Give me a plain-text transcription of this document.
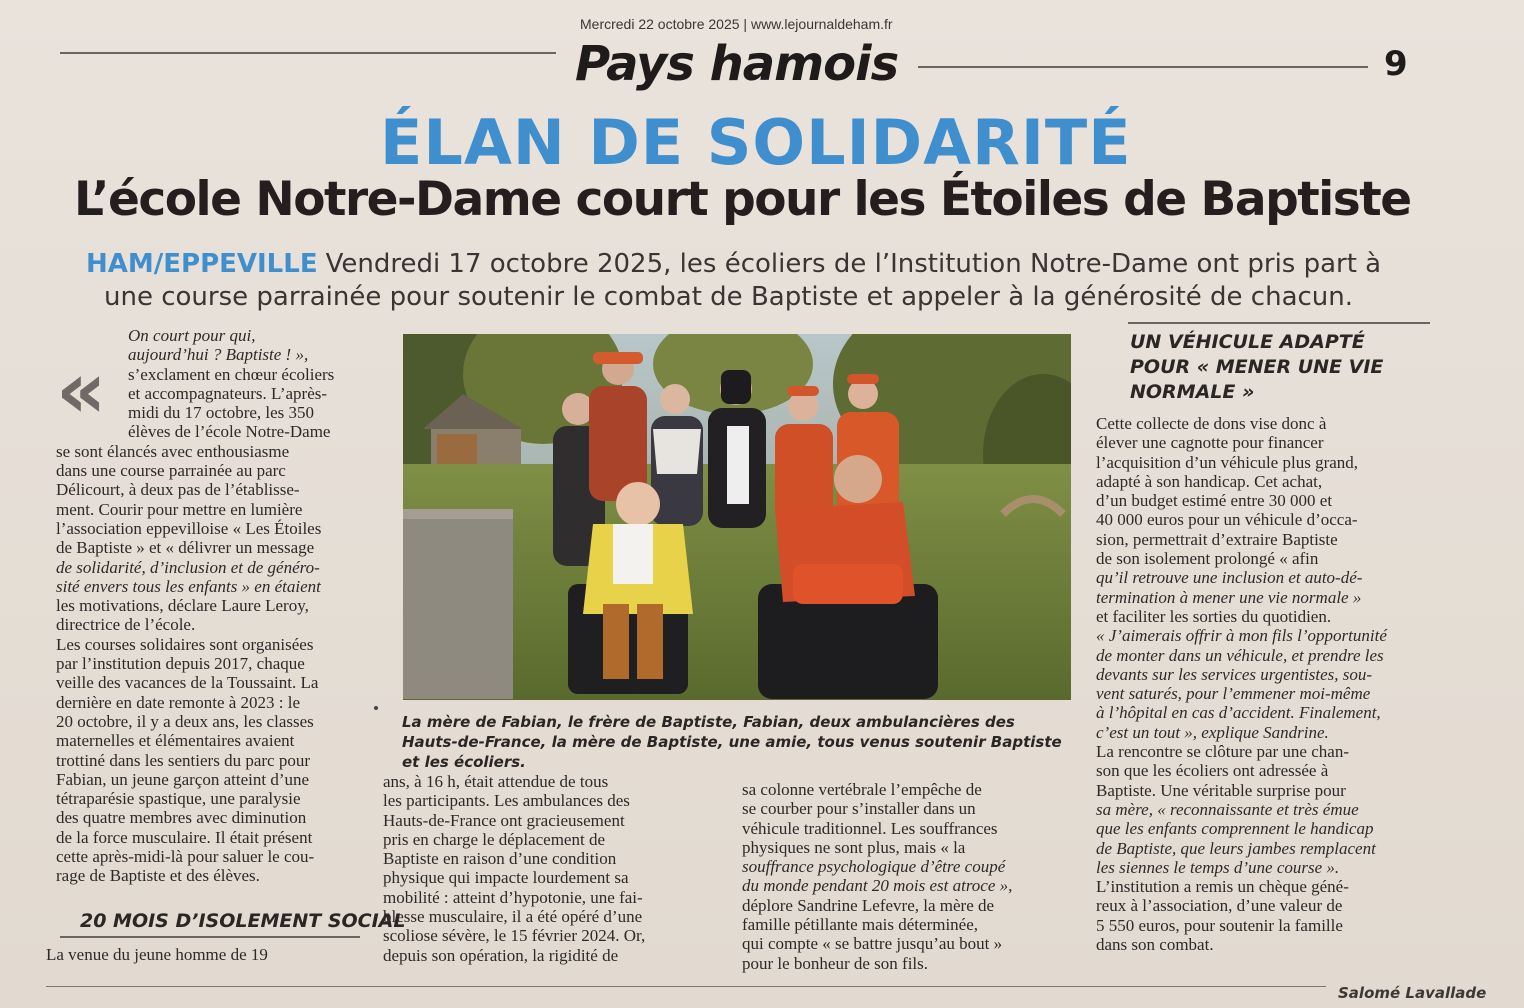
Mercredi 22 octobre 2025 | www.lejournaldeham.fr
Pays hamois	9
ÉLAN DE SOLIDARITÉ
L’école Notre-Dame court pour les Étoiles de Baptiste
HAM/EPPEVILLE Vendredi 17 octobre 2025, les écoliers de l’Institution Notre-Dame ont pris part à
une course parrainée pour soutenir le combat de Baptiste et appeler à la générosité de chacun.
«

On court pour qui,

aujourd’hui ? Baptiste ! »,

s’exclament en chœur écoliers

et accompagnateurs. L’après-

midi du 17 octobre, les 350

élèves de l’école Notre-Dame

se sont élancés avec enthousiasme

dans une course parrainée au parc

Délicourt, à deux pas de l’établisse-

ment. Courir pour mettre en lumière

l’association eppevilloise « Les Étoiles

de Baptiste » et « délivrer un message

de solidarité, d’inclusion et de généro-

sité envers tous les enfants » en étaient

les motivations, déclare Laure Leroy,

directrice de l’école.

Les courses solidaires sont organisées

par l’institution depuis 2017, chaque

veille des vacances de la Toussaint. La

dernière en date remonte à 2023 : le

20 octobre, il y a deux ans, les classes

maternelles et élémentaires avaient

trottiné dans les sentiers du parc pour

Fabian, un jeune garçon atteint d’une

tétraparésie spastique, une paralysie

des quatre membres avec diminution

de la force musculaire. Il était présent

cette après-midi-là pour saluer le cou-

rage de Baptiste et des élèves.

20 MOIS D’ISOLEMENT SOCIAL
La venue du jeune homme de 19
La mère de Fabian, le frère de Baptiste, Fabian, deux ambulancières des Hauts-de-France, la mère de Baptiste, une amie, tous venus soutenir Baptiste et les écoliers.

ans, à 16 h, était attendue de tous

les participants. Les ambulances des

Hauts-de-France ont gracieusement

pris en charge le déplacement de

Baptiste en raison d’une condition

physique qui impacte lourdement sa

mobilité : atteint d’hypotonie, une fai-

blesse musculaire, il a été opéré d’une

scoliose sévère, le 15 février 2024. Or,

depuis son opération, la rigidité de

sa colonne vertébrale l’empêche de

se courber pour s’installer dans un

véhicule traditionnel. Les souffrances

physiques ne sont plus, mais « la

souffrance psychologique d’être coupé

du monde pendant 20 mois est atroce »,

déplore Sandrine Lefevre, la mère de

famille pétillante mais déterminée,

qui compte « se battre jusqu’au bout »

pour le bonheur de son fils.

UN VÉHICULE ADAPTÉ
POUR « MENER UNE VIE
NORMALE »

Cette collecte de dons vise donc à

élever une cagnotte pour financer

l’acquisition d’un véhicule plus grand,

adapté à son handicap. Cet achat,

d’un budget estimé entre 30 000 et

40 000 euros pour un véhicule d’occa-

sion, permettrait d’extraire Baptiste

de son isolement prolongé « afin

qu’il retrouve une inclusion et auto-dé-

termination à mener une vie normale »

et faciliter les sorties du quotidien.

« J’aimerais offrir à mon fils l’opportunité

de monter dans un véhicule, et prendre les

devants sur les services urgentistes, sou-

vent saturés, pour l’emmener moi-même

à l’hôpital en cas d’accident. Finalement,

c’est un tout », explique Sandrine.

La rencontre se clôture par une chan-

son que les écoliers ont adressée à

Baptiste. Une véritable surprise pour

sa mère, « reconnaissante et très émue

que les enfants comprennent le handicap

de Baptiste, que leurs jambes remplacent

les siennes le temps d’une course ».

L’institution a remis un chèque géné-

reux à l’association, d’une valeur de

5 550 euros, pour soutenir la famille

dans son combat.

Salomé Lavallade
